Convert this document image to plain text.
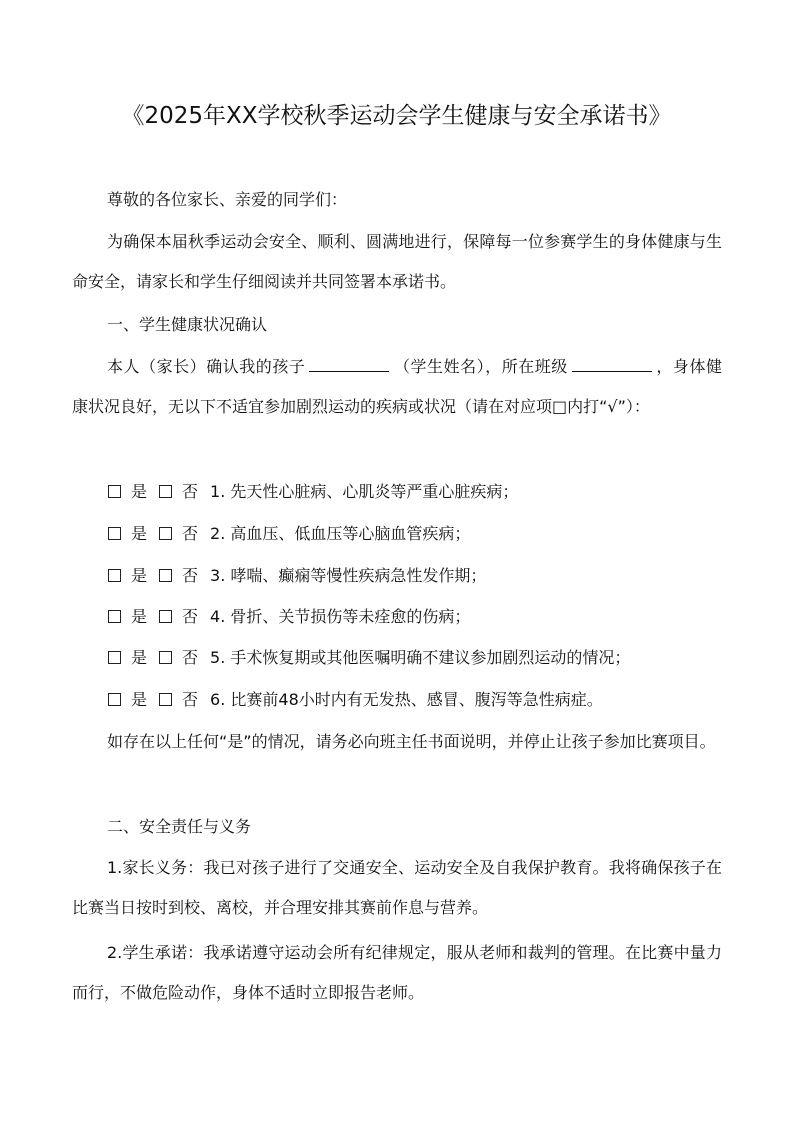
《2025年XX学校秋季运动会学生健康与安全承诺书》
尊敬的各位家长、亲爱的同学们：
为确保本届秋季运动会安全、顺利、圆满地进行，保障每一位参赛学生的身体健康与生命安全，请家长和学生仔细阅读并共同签署本承诺书。
一、学生健康状况确认
本人（家长）确认我的孩子	（学生姓名），所在班级	，身体健康状况良好，无以下不适宜参加剧烈运动的疾病或状况（请在对应项□内打“√”）：
是 否 1. 先天性心脏病、心肌炎等严重心脏疾病；
是 否 2. 高血压、低血压等心脑血管疾病；
是 否 3. 哮喘、癫痫等慢性疾病急性发作期；
是 否 4. 骨折、关节损伤等未痊愈的伤病；
是 否 5. 手术恢复期或其他医嘱明确不建议参加剧烈运动的情况；
是 否 6. 比赛前48小时内有无发热、感冒、腹泻等急性病症。
如存在以上任何“是”的情况，请务必向班主任书面说明，并停止让孩子参加比赛项目。
二、安全责任与义务
1.家长义务：我已对孩子进行了交通安全、运动安全及自我保护教育。我将确保孩子在比赛当日按时到校、离校，并合理安排其赛前作息与营养。
2.学生承诺：我承诺遵守运动会所有纪律规定，服从老师和裁判的管理。在比赛中量力而行，不做危险动作，身体不适时立即报告老师。
